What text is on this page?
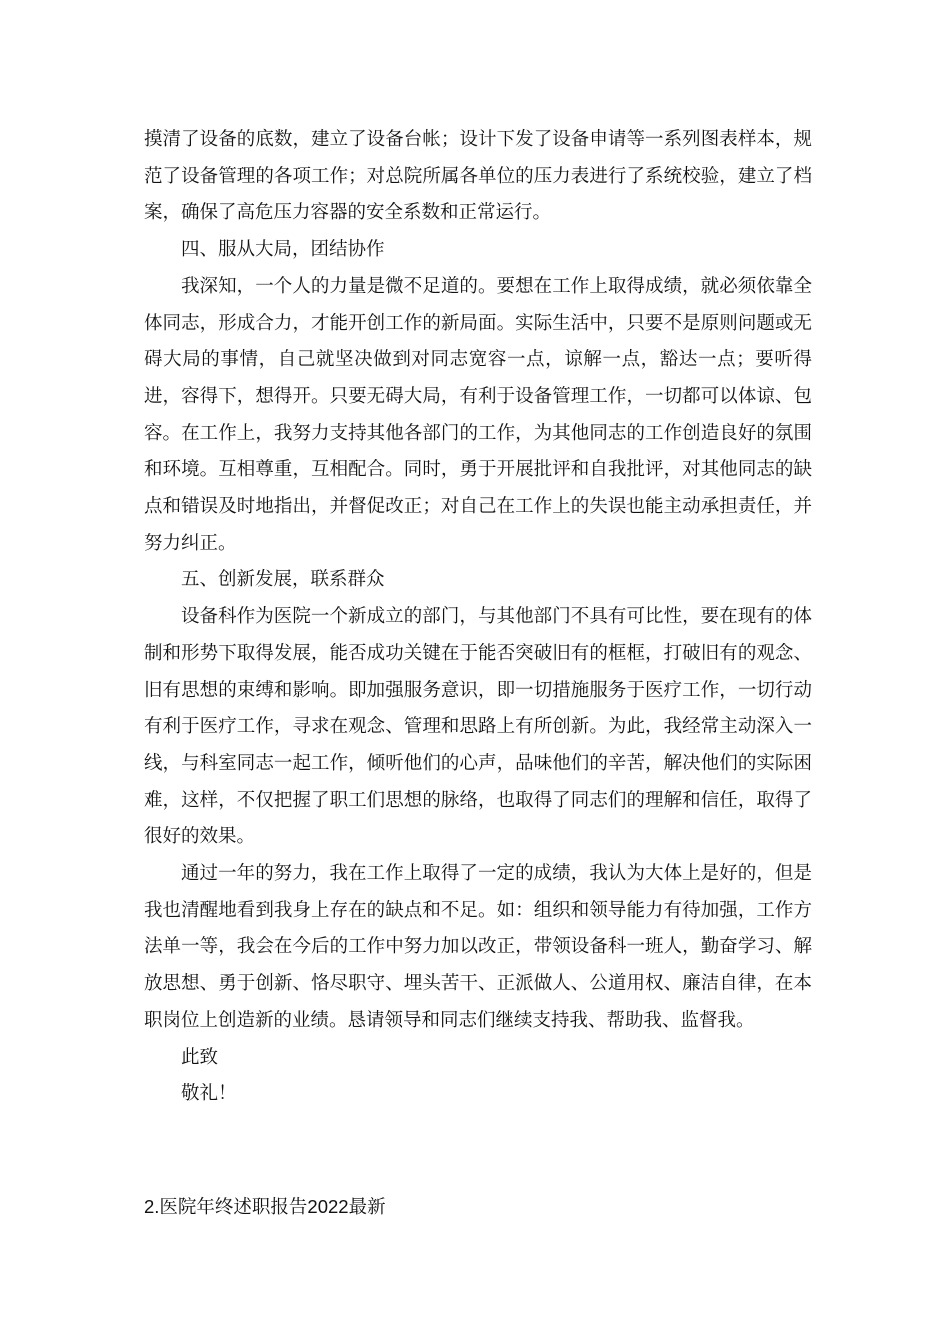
摸清了设备的底数，建立了设备台帐；设计下发了设备申请等一系列图表样本，规范了设备管理的各项工作；对总院所属各单位的压力表进行了系统校验，建立了档案，确保了高危压力容器的安全系数和正常运行。

四、服从大局，团结协作

我深知，一个人的力量是微不足道的。要想在工作上取得成绩，就必须依靠全体同志，形成合力，才能开创工作的新局面。实际生活中，只要不是原则问题或无碍大局的事情，自己就坚决做到对同志宽容一点，谅解一点，豁达一点；要听得进，容得下，想得开。只要无碍大局，有利于设备管理工作，一切都可以体谅、包容。在工作上，我努力支持其他各部门的工作，为其他同志的工作创造良好的氛围和环境。互相尊重，互相配合。同时，勇于开展批评和自我批评，对其他同志的缺点和错误及时地指出，并督促改正；对自己在工作上的失误也能主动承担责任，并努力纠正。

五、创新发展，联系群众

设备科作为医院一个新成立的部门，与其他部门不具有可比性，要在现有的体制和形势下取得发展，能否成功关键在于能否突破旧有的框框，打破旧有的观念、旧有思想的束缚和影响。即加强服务意识，即一切措施服务于医疗工作，一切行动有利于医疗工作，寻求在观念、管理和思路上有所创新。为此，我经常主动深入一线，与科室同志一起工作，倾听他们的心声，品味他们的辛苦，解决他们的实际困难，这样，不仅把握了职工们思想的脉络，也取得了同志们的理解和信任，取得了很好的效果。

通过一年的努力，我在工作上取得了一定的成绩，我认为大体上是好的，但是我也清醒地看到我身上存在的缺点和不足。如：组织和领导能力有待加强，工作方法单一等，我会在今后的工作中努力加以改正，带领设备科一班人，勤奋学习、解放思想、勇于创新、恪尽职守、埋头苦干、正派做人、公道用权、廉洁自律，在本职岗位上创造新的业绩。恳请领导和同志们继续支持我、帮助我、监督我。

此致

敬礼！

2.医院年终述职报告2022最新
